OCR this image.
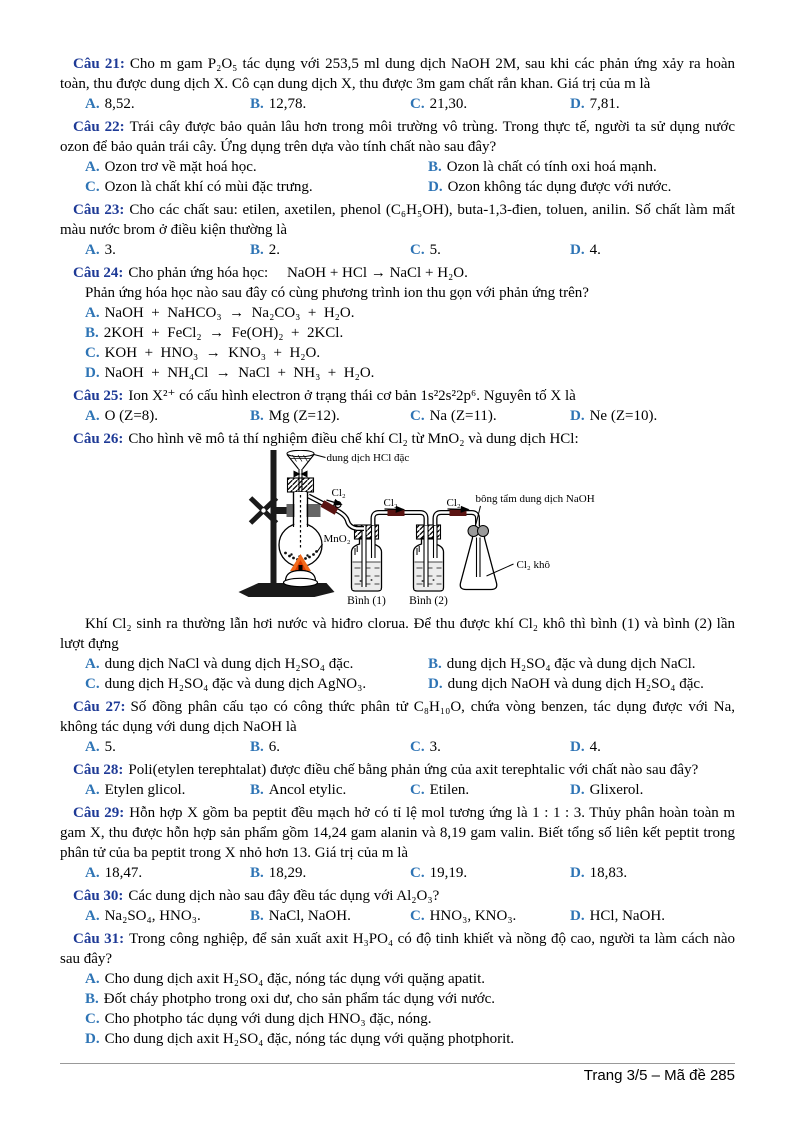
Câu 21: Cho m gam P₂O₅ tác dụng với 253,5 ml dung dịch NaOH 2M, sau khi các phản ứng xảy ra hoàn toàn, thu được dung dịch X. Cô cạn dung dịch X, thu được 3m gam chất rắn khan. Giá trị của m là

A. 8,52.	B. 12,78.	C. 21,30.	D. 7,81.

Câu 22: Trái cây được bảo quản lâu hơn trong môi trường vô trùng. Trong thực tế, người ta sử dụng nước ozon để bảo quản trái cây. Ứng dụng trên dựa vào tính chất nào sau đây?

A. Ozon trơ về mặt hoá học.	B. Ozon là chất có tính oxi hoá mạnh.
C. Ozon là chất khí có mùi đặc trưng.	D. Ozon không tác dụng được với nước.

Câu 23: Cho các chất sau: etilen, axetilen, phenol (C₆H₅OH), buta-1,3-đien, toluen, anilin. Số chất làm mất màu nước brom ở điều kiện thường là

A. 3.	B. 2.	C. 5.	D. 4.

Câu 24: Cho phản ứng hóa học:     NaOH + HCl → NaCl + H₂O.

Phản ứng hóa học nào sau đây có cùng phương trình ion thu gọn với phản ứng trên?

A. NaOH  +  NaHCO₃  →  Na₂CO₃  +  H₂O.
B. 2KOH  +  FeCl₂  →  Fe(OH)₂  +  2KCl.
C. KOH  +  HNO₃  →  KNO₃  +  H₂O.
D. NaOH  +  NH₄Cl  →  NaCl  +  NH₃  +  H₂O.

Câu 25: Ion X²⁺ có cấu hình electron ở trạng thái cơ bản 1s²2s²2p⁶. Nguyên tố X là

A. O (Z=8).	B. Mg (Z=12).	C. Na (Z=11).	D. Ne (Z=10).

Câu 26: Cho hình vẽ mô tả thí nghiệm điều chế khí Cl₂ từ MnO₂ và dung dịch HCl:

dung dịch HCl đặc
Cl₂
Cl₂	Cl₂
MnO₂
bông tẩm dung dịch NaOH
Cl₂ khô
Bình (1) Bình (2)

Khí Cl₂ sinh ra thường lẫn hơi nước và hiđro clorua. Để thu được khí Cl₂ khô thì bình (1) và bình (2) lần lượt đựng

A. dung dịch NaCl và dung dịch H₂SO₄ đặc.	B. dung dịch H₂SO₄ đặc và dung dịch NaCl.
C. dung dịch H₂SO₄ đặc và dung dịch AgNO₃.	D. dung dịch NaOH và dung dịch H₂SO₄ đặc.

Câu 27: Số đồng phân cấu tạo có công thức phân tử C₈H₁₀O, chứa vòng benzen, tác dụng được với Na, không tác dụng với dung dịch NaOH là

A. 5.	B. 6.	C. 3.	D. 4.

Câu 28: Poli(etylen terephtalat) được điều chế bằng phản ứng của axit terephtalic với chất nào sau đây?

A. Etylen glicol.	B. Ancol etylic.	C. Etilen.	D. Glixerol.

Câu 29: Hỗn hợp X gồm ba peptit đều mạch hở có tỉ lệ mol tương ứng là 1 : 1 : 3. Thủy phân hoàn toàn m gam X, thu được hỗn hợp sản phẩm gồm 14,24 gam alanin và 8,19 gam valin. Biết tổng số liên kết peptit trong phân tử của ba peptit trong X nhỏ hơn 13. Giá trị của m là

A. 18,47.	B. 18,29.	C. 19,19.	D. 18,83.

Câu 30: Các dung dịch nào sau đây đều tác dụng với Al₂O₃?

A. Na₂SO₄, HNO₃.	B. NaCl, NaOH.	C. HNO₃, KNO₃.	D. HCl, NaOH.

Câu 31: Trong công nghiệp, để sản xuất axit H₃PO₄ có độ tinh khiết và nồng độ cao, người ta làm cách nào sau đây?

A. Cho dung dịch axit H₂SO₄ đặc, nóng tác dụng với quặng apatit.
B. Đốt cháy photpho trong oxi dư, cho sản phẩm tác dụng với nước.
C. Cho photpho tác dụng với dung dịch HNO₃ đặc, nóng.
D. Cho dung dịch axit H₂SO₄ đặc, nóng tác dụng với quặng photphorit.
Trang 3/5 – Mã đề 285
